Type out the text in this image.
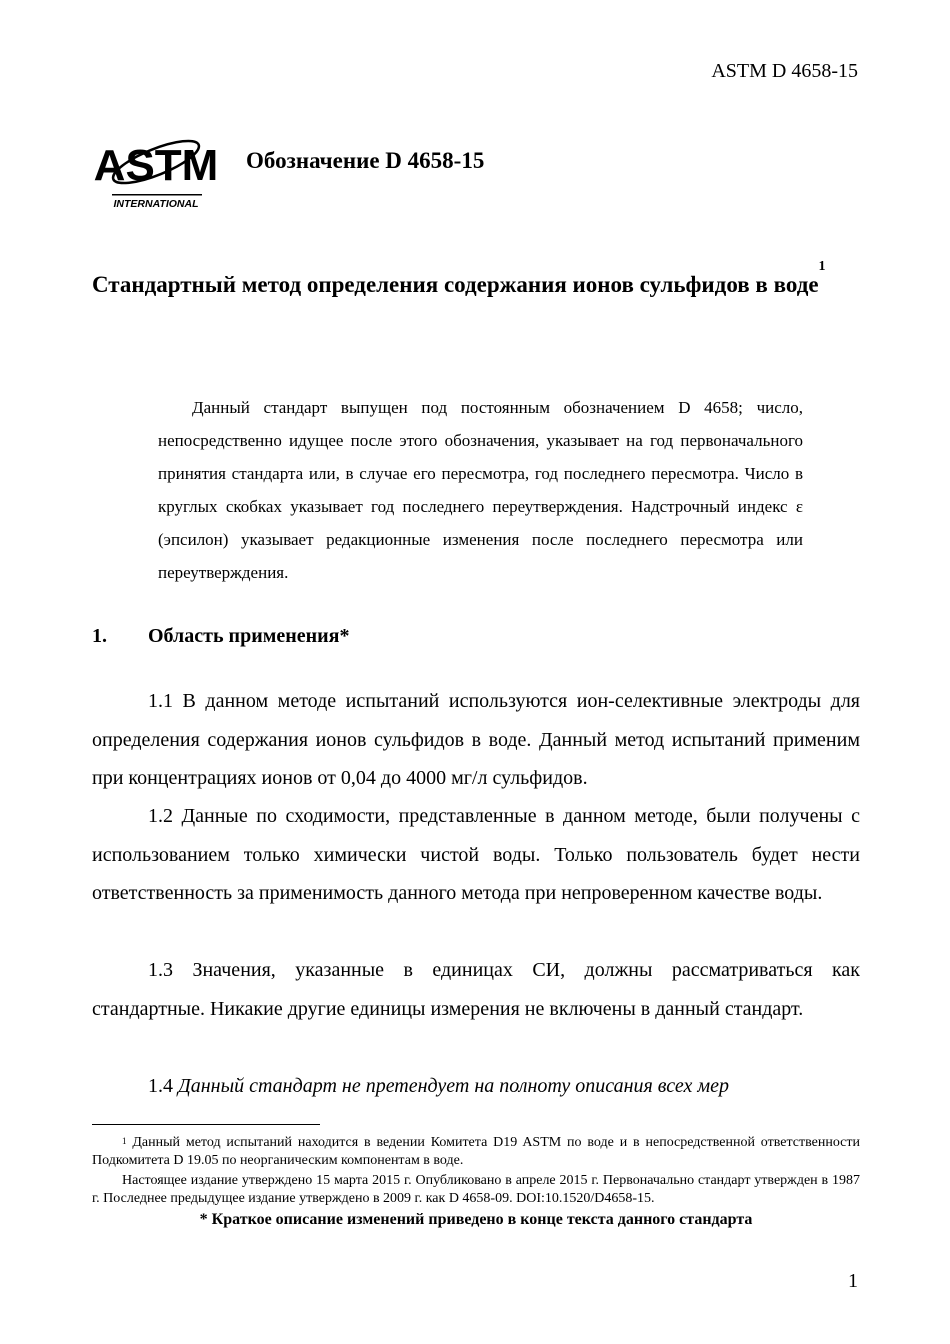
ASTM D 4658-15
ASTM
INTERNATIONAL
Обозначение D 4658-15
Стандартный метод определения содержания ионов сульфидов в воде$^1$
Данный стандарт выпущен под постоянным обозначением D 4658; число, непосредственно идущее после этого обозначения, указывает на год первоначального принятия стандарта или, в случае его пересмотра, год последнего пересмотра. Число в круглых скобках указывает год последнего переутверждения. Надстрочный индекс ε (эпсилон) указывает редакционные изменения после последнего пересмотра или переутверждения.
1. Область применения*

1.1 В данном методе испытаний используются ион-селективные электроды для определения содержания ионов сульфидов в воде. Данный метод испытаний применим при концентрациях ионов от 0,04 до 4000 мг/л сульфидов.

1.2 Данные по сходимости, представленные в данном методе, были получены с использованием только химически чистой воды. Только пользователь будет нести ответственность за применимость данного метода при непроверенном качестве воды.

1.3 Значения, указанные в единицах СИ, должны рассматриваться как стандартные. Никакие другие единицы измерения не включены в данный стандарт.

1.4 Данный стандарт не претендует на полноту описания всех мер

$^1$ Данный метод испытаний находится в ведении Комитета D19 ASTM по воде и в непосредственной ответственности Подкомитета D 19.05 по неорганическим компонентам в воде.

Настоящее издание утверждено 15 марта 2015 г. Опубликовано в апреле 2015 г. Первоначально стандарт утвержден в 1987 г. Последнее предыдущее издание утверждено в 2009 г. как D 4658-09. DOI:10.1520/D4658-15.

* Краткое описание изменений приведено в конце текста данного стандарта
1
